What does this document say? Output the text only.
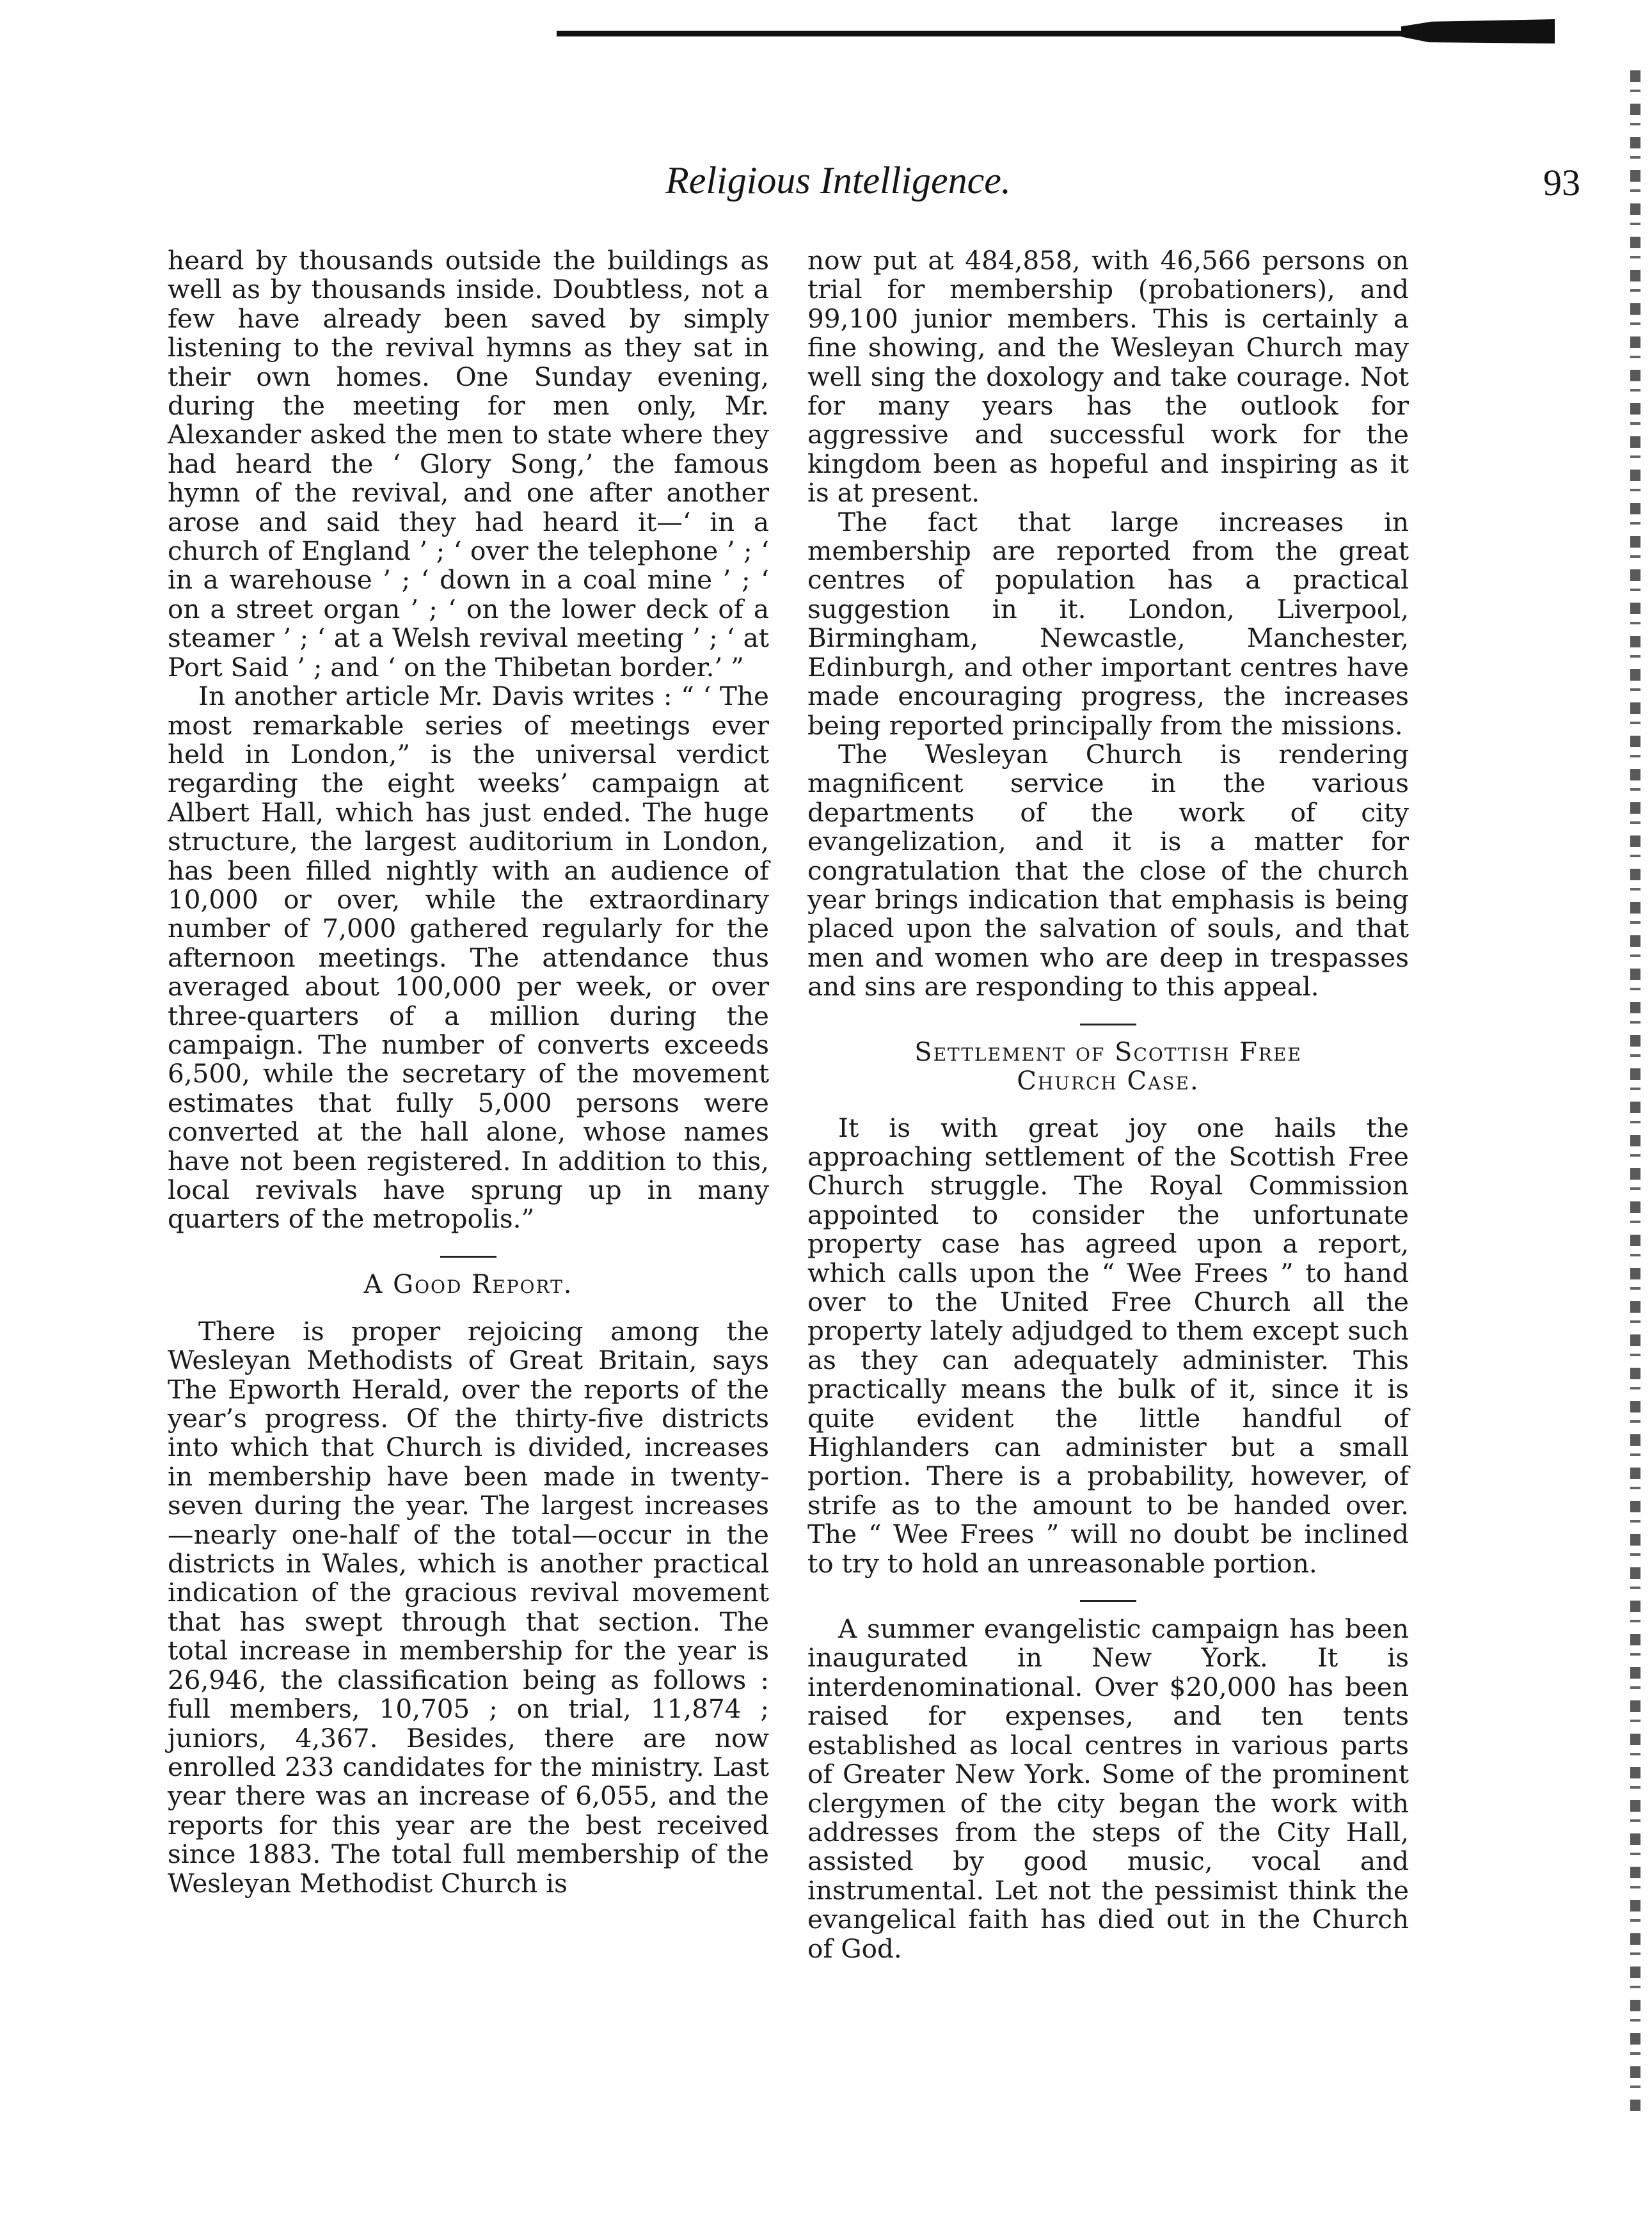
Religious Intelligence.	93

heard by thousands outside the buildings as well as by thousands inside. Doubtless, not a few have already been saved by simply listening to the revival hymns as they sat in their own homes. One Sunday evening, during the meeting for men only, Mr. Alexander asked the men to state where they had heard the ‘ Glory Song,’ the famous hymn of the revival, and one after another arose and said they had heard it—‘ in a church of England ’ ; ‘ over the telephone ’ ; ‘ in a warehouse ’ ; ‘ down in a coal mine ’ ; ‘ on a street organ ’ ; ‘ on the lower deck of a steamer ’ ; ‘ at a Welsh revival meeting ’ ; ‘ at Port Said ’ ; and ‘ on the Thibetan border.’ ”

In another article Mr. Davis writes : “ ‘ The most remarkable series of meetings ever held in London,” is the universal verdict regarding the eight weeks’ campaign at Albert Hall, which has just ended. The huge structure, the largest auditorium in London, has been filled nightly with an audience of 10,000 or over, while the extraordinary number of 7,000 gathered regularly for the afternoon meetings. The attendance thus averaged about 100,000 per week, or over three-quarters of a million during the campaign. The number of converts exceeds 6,500, while the secretary of the movement estimates that fully 5,000 persons were converted at the hall alone, whose names have not been registered. In addition to this, local revivals have sprung up in many quarters of the metropolis.”

A Good Report.

There is proper rejoicing among the Wesleyan Methodists of Great Britain, says The Epworth Herald, over the reports of the year’s progress. Of the thirty-five districts into which that Church is divided, increases in membership have been made in twenty-seven during the year. The largest increases —nearly one-half of the total—occur in the districts in Wales, which is another practical indication of the gracious revival movement that has swept through that section. The total increase in membership for the year is 26,946, the classification being as follows : full members, 10,705 ; on trial, 11,874 ; juniors, 4,367. Besides, there are now enrolled 233 candidates for the ministry. Last year there was an increase of 6,055, and the reports for this year are the best received since 1883. The total full membership of the Wesleyan Methodist Church is

now put at 484,858, with 46,566 persons on trial for membership (probationers), and 99,100 junior members. This is certainly a fine showing, and the Wesleyan Church may well sing the doxology and take courage. Not for many years has the outlook for aggressive and successful work for the kingdom been as hopeful and inspiring as it is at present.

The fact that large increases in membership are reported from the great centres of population has a practical suggestion in it. London, Liverpool, Birmingham, Newcastle, Manchester, Edinburgh, and other important centres have made encouraging progress, the increases being reported principally from the missions.

The Wesleyan Church is rendering magnificent service in the various departments of the work of city evangelization, and it is a matter for congratulation that the close of the church year brings indication that emphasis is being placed upon the salvation of souls, and that men and women who are deep in trespasses and sins are responding to this appeal.

Settlement of Scottish Free
Church Case.

It is with great joy one hails the approaching settlement of the Scottish Free Church struggle. The Royal Commission appointed to consider the unfortunate property case has agreed upon a report, which calls upon the “ Wee Frees ” to hand over to the United Free Church all the property lately adjudged to them except such as they can adequately administer. This practically means the bulk of it, since it is quite evident the little handful of Highlanders can administer but a small portion. There is a probability, however, of strife as to the amount to be handed over. The “ Wee Frees ” will no doubt be inclined to try to hold an unreasonable portion.

A summer evangelistic campaign has been inaugurated in New York. It is interdenominational. Over $20,000 has been raised for expenses, and ten tents established as local centres in various parts of Greater New York. Some of the prominent clergymen of the city began the work with addresses from the steps of the City Hall, assisted by good music, vocal and instrumental. Let not the pessimist think the evangelical faith has died out in the Church of God.
